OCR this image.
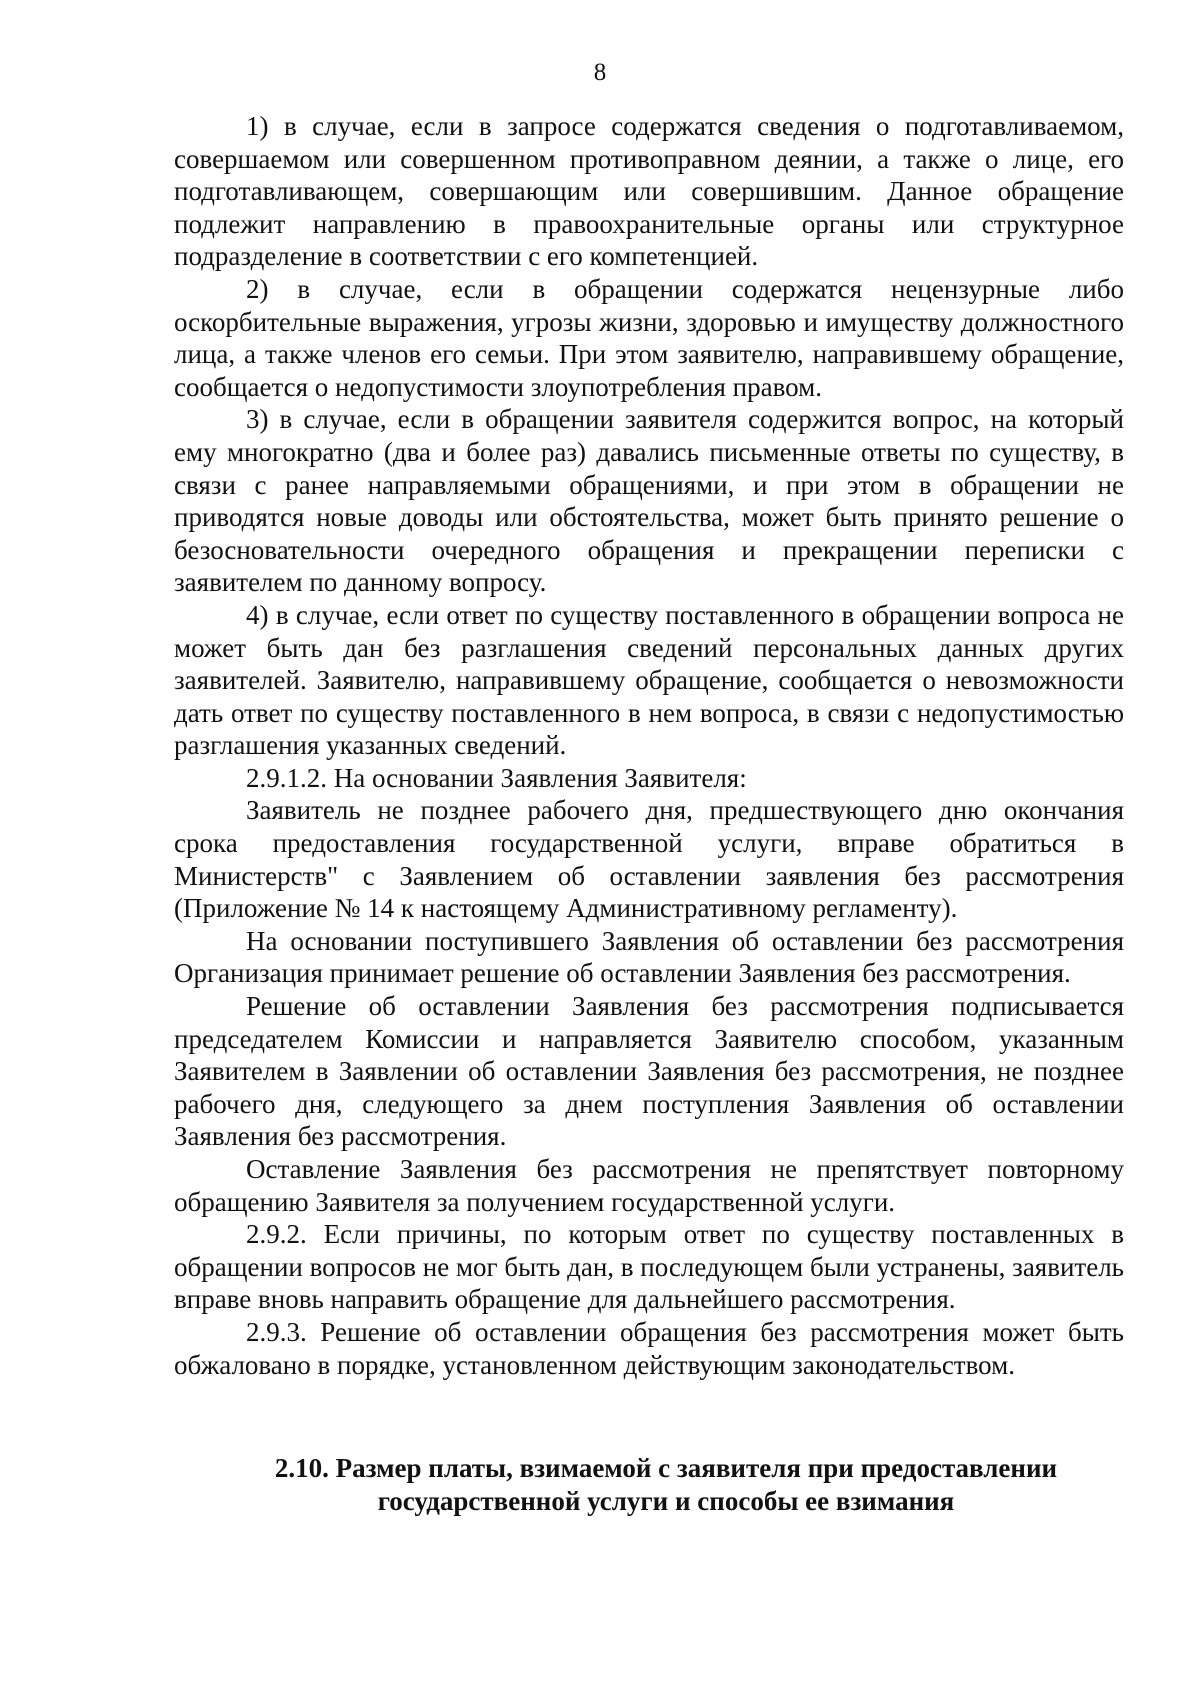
8

1) в случае, если в запросе содержатся сведения о подготавливаемом, совершаемом или совершенном противоправном деянии, а также о лице, его подготавливающем, совершающим или совершившим. Данное обращение подлежит направлению в правоохранительные органы или структурное подразделение в соответствии с его компетенцией.

2) в случае, если в обращении содержатся нецензурные либо оскорбительные выражения, угрозы жизни, здоровью и имуществу должностного лица, а также членов его семьи. При этом заявителю, направившему обращение, сообщается о недопустимости злоупотребления правом.

3) в случае, если в обращении заявителя содержится вопрос, на который ему многократно (два и более раз) давались письменные ответы по существу, в связи с ранее направляемыми обращениями, и при этом в обращении не приводятся новые доводы или обстоятельства, может быть принято решение о безосновательности очередного обращения и прекращении переписки с заявителем по данному вопросу.

4) в случае, если ответ по существу поставленного в обращении вопроса не может быть дан без разглашения сведений персональных данных других заявителей. Заявителю, направившему обращение, сообщается о невозможности дать ответ по существу поставленного в нем вопроса, в связи с недопустимостью разглашения указанных сведений.

2.9.1.2. На основании Заявления Заявителя:

Заявитель не позднее рабочего дня, предшествующего дню окончания срока предоставления государственной услуги, вправе обратиться в Министерств" с Заявлением об оставлении заявления без рассмотрения (Приложение № 14 к настоящему Административному регламенту).

На основании поступившего Заявления об оставлении без рассмотрения Организация принимает решение об оставлении Заявления без рассмотрения.

Решение об оставлении Заявления без рассмотрения подписывается председателем Комиссии и направляется Заявителю способом, указанным Заявителем в Заявлении об оставлении Заявления без рассмотрения, не позднее рабочего дня, следующего за днем поступления Заявления об оставлении Заявления без рассмотрения.

Оставление Заявления без рассмотрения не препятствует повторному обращению Заявителя за получением государственной услуги.

2.9.2. Если причины, по которым ответ по существу поставленных в обращении вопросов не мог быть дан, в последующем были устранены, заявитель вправе вновь направить обращение для дальнейшего рассмотрения.

2.9.3. Решение об оставлении обращения без рассмотрения может быть обжаловано в порядке, установленном действующим законодательством.

2.10. Размер платы, взимаемой с заявителя при предоставлении
государственной услуги и способы ее взимания
